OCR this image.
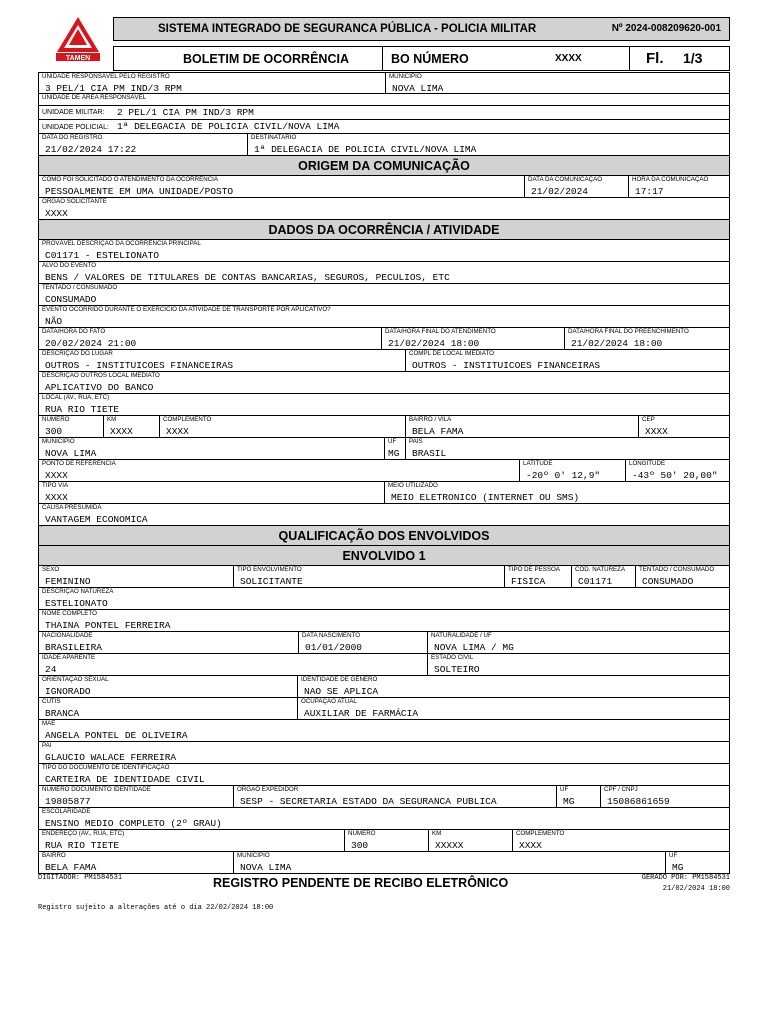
TAMEN
SISTEMA INTEGRADO DE SEGURANCA PÚBLICA - POLICIA MILITAR	Nº 2024-008209620-001
BOLETIM DE OCORRÊNCIA	BO NÚMERO	XXXX	Fl. 1/3
UNIDADE RESPONSÁVEL PELO REGISTRO
3 PEL/1 CIA PM IND/3 RPM
MUNICÍPIO
NOVA LIMA
UNIDADE DE ÁREA RESPONSÁVEL
UNIDADE MILITAR: 2 PEL/1 CIA PM IND/3 RPM
UNIDADE POLICIAL: 1ª DELEGACIA DE POLICIA CIVIL/NOVA LIMA
DATA DO REGISTRO
21/02/2024 17:22
DESTINATÁRIO
1ª DELEGACIA DE POLICIA CIVIL/NOVA LIMA
'	ORIGEM DA COMUNICAÇÃO
COMO FOI SOLICITADO O ATENDIMENTO DA OCORRÊNCIA
PESSOALMENTE EM UMA UNIDADE/POSTO
DATA DA COMUNICAÇÃO
21/02/2024
HORA DA COMUNICAÇÃO
17:17
ÓRGÃO SOLICITANTE
XXXX
'	DADOS DA OCORRÊNCIA / ATIVIDADE
PROVÁVEL DESCRIÇÃO DA OCORRÊNCIA PRINCIPAL
C01171 - ESTELIONATO
ALVO DO EVENTO
BENS / VALORES DE TITULARES DE CONTAS BANCARIAS, SEGUROS, PECULIOS, ETC
TENTADO / CONSUMADO
CONSUMADO
EVENTO OCORRIDO DURANTE O EXERCÍCIO DA ATIVIDADE DE TRANSPORTE POR APLICATIVO?
NÃO
DATA/HORA DO FATO
20/02/2024 21:00
DATA/HORA FINAL DO ATENDIMENTO
21/02/2024 18:00
DATA/HORA FINAL DO PREENCHIMENTO
21/02/2024 18:00
DESCRIÇÃO DO LUGAR
OUTROS - INSTITUICOES FINANCEIRAS
COMPL DE LOCAL IMEDIATO
OUTROS - INSTITUICOES FINANCEIRAS
DESCRIÇÃO OUTROS LOCAL IMEDIATO
APLICATIVO DO BANCO
LOCAL (AV., RUA, ETC)
RUA RIO TIETE
NÚMERO
300
KM
XXXX
COMPLEMENTO
XXXX
BAIRRO / VILA
BELA FAMA
CEP
XXXX
MUNICÍPIO
NOVA LIMA
UF
MG
PAÍS
BRASIL
PONTO DE REFERÊNCIA
XXXX
LATITUDE
-20º 0' 12,9"
LONGITUDE
-43º 50' 20,00"
TIPO VIA
XXXX
MEIO UTILIZADO
MEIO ELETRONICO (INTERNET OU SMS)
CAUSA PRESUMIDA
VANTAGEM ECONOMICA
'	QUALIFICAÇÃO DOS ENVOLVIDOS
ENVOLVIDO 1
SEXO
FEMININO
TIPO ENVOLVIMENTO
SOLICITANTE
TIPO DE PESSOA
FISICA
COD. NATUREZA
C01171
TENTADO / CONSUMADO
CONSUMADO
DESCRIÇÃO NATUREZA
ESTELIONATO
NOME COMPLETO
THAINA PONTEL FERREIRA
NACIONALIDADE
BRASILEIRA
DATA NASCIMENTO
01/01/2000
NATURALIDADE / UF
NOVA LIMA / MG
IDADE APARENTE
24
ESTADO CIVIL
SOLTEIRO
ORIENTAÇÃO SEXUAL
IGNORADO
IDENTIDADE DE GÊNERO
NAO SE APLICA
CÚTIS
BRANCA
OCUPAÇÃO ATUAL
AUXILIAR DE FARMÁCIA
MÃE
ANGELA PONTEL DE OLIVEIRA
PAI
GLAUCIO WALACE FERREIRA
TIPO DO DOCUMENTO DE IDENTIFICAÇÃO
CARTEIRA DE IDENTIDADE CIVIL
NÚMERO DOCUMENTO IDENTIDADE
19805877
ÓRGÃO EXPEDIDOR
SESP - SECRETARIA ESTADO DA SEGURANCA PUBLICA
UF
MG
CPF / CNPJ
15086861659
ESCOLARIDADE
ENSINO MEDIO COMPLETO (2º GRAU)
ENDEREÇO (AV., RUA, ETC)
RUA RIO TIETE
NÚMERO
300
KM
XXXXX
COMPLEMENTO
XXXX
BAIRRO
BELA FAMA
MUNICÍPIO
NOVA LIMA
UF
MG
DIGITADOR: PM1584531	REGISTRO PENDENTE DE RECIBO ELETRÔNICO	GERADO POR: PM1584531
21/02/2024 18:00
Registro sujeito a alterações até o dia 22/02/2024 18:00
